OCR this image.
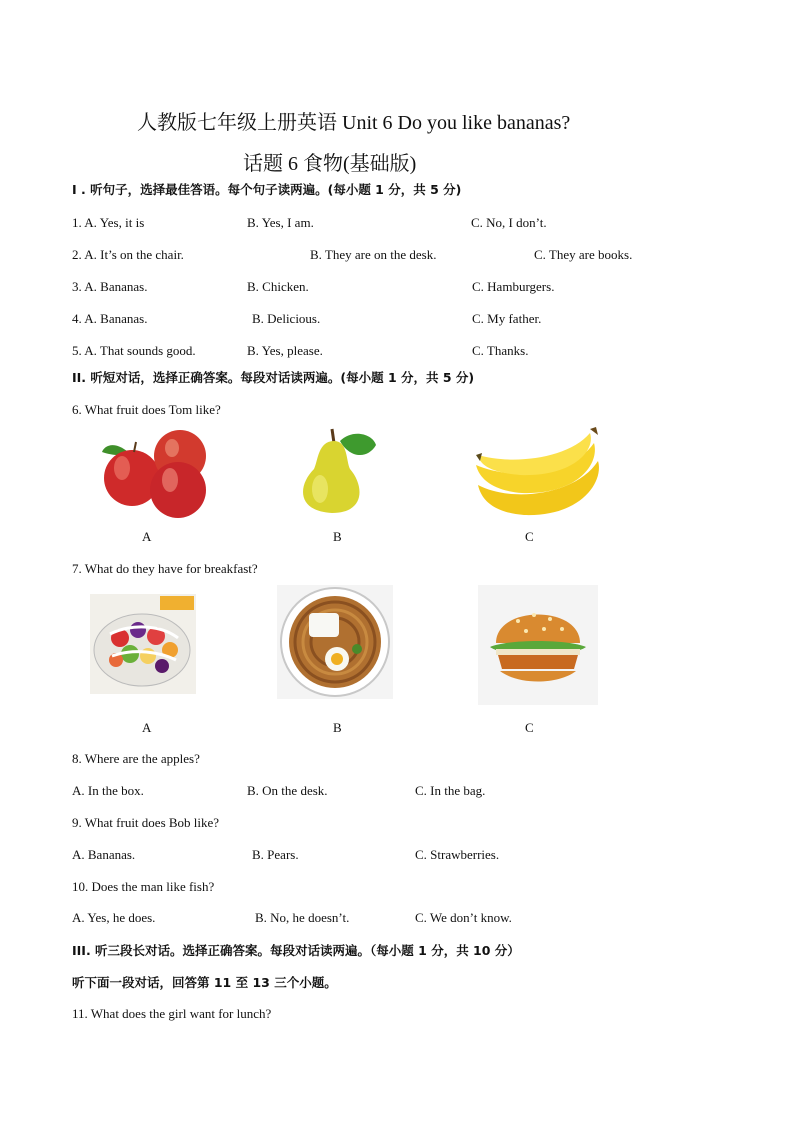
人教版七年级上册英语 Unit 6 Do you like bananas?
话题 6 食物(基础版)
I . 听句子，选择最佳答语。每个句子读两遍。(每小题 1 分，共 5 分)
1. A. Yes, it is	B. Yes, I am.	C. No, I don’t.
2. A. It’s on the chair.	B. They are on the desk.	C. They are books.
3. A. Bananas.	B. Chicken.	C. Hamburgers.
4. A. Bananas.	B. Delicious.	C. My father.
5. A. That sounds good.	B. Yes, please.	C. Thanks.
II. 听短对话，选择正确答案。每段对话读两遍。(每小题 1 分，共 5 分)
6. What fruit does Tom like?
A	B	C
7. What do they have for breakfast?
A	B	C
8. Where are the apples?
A. In the box.	B. On the desk.	C. In the bag.
9. What fruit does Bob like?
A. Bananas.	B. Pears.	C. Strawberries.
10. Does the man like fish?
A. Yes, he does.	B. No, he doesn’t.	C. We don’t know.
III. 听三段长对话。选择正确答案。每段对话读两遍。（每小题 1 分，共 10 分）
听下面一段对话，回答第 11 至 13 三个小题。
11. What does the girl want for lunch?
